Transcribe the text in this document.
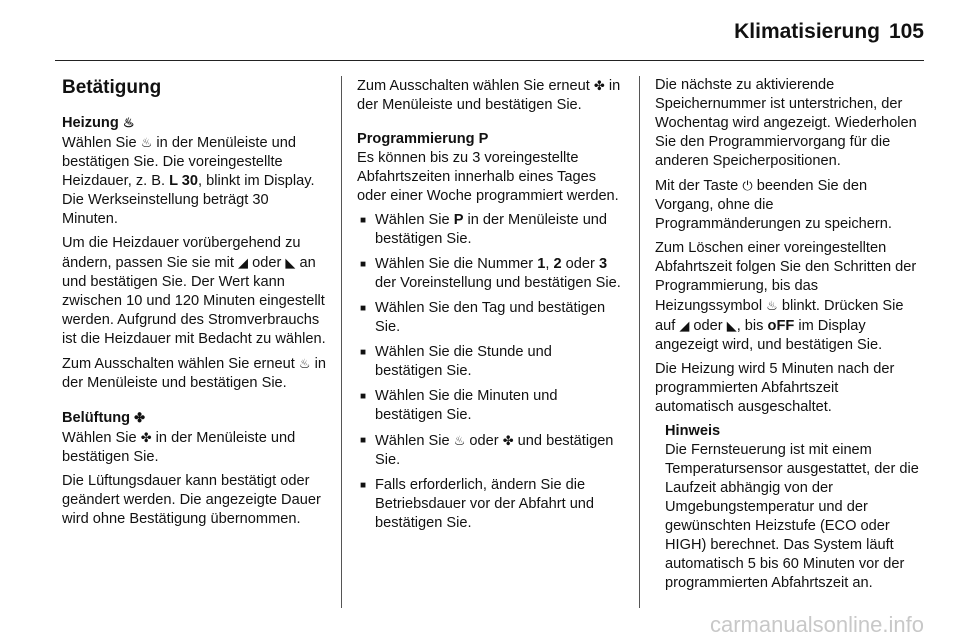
Klimatisierung 105
Betätigung
Heizung ♨

Wählen Sie ♨ in der Menüleiste und bestätigen Sie. Die voreingestellte Heizdauer, z. B. L 30, blinkt im Display. Die Werkseinstellung beträgt 30 Minuten.

Um die Heizdauer vorübergehend zu ändern, passen Sie sie mit ◢ oder ◣ an und bestätigen Sie. Der Wert kann zwischen 10 und 120 Minuten eingestellt werden. Aufgrund des Stromverbrauchs ist die Heizdauer mit Bedacht zu wählen.

Zum Ausschalten wählen Sie erneut ♨ in der Menüleiste und bestätigen Sie.

Belüftung ✤

Wählen Sie ✤ in der Menüleiste und bestätigen Sie.

Die Lüftungsdauer kann bestätigt oder geändert werden. Die angezeigte Dauer wird ohne Bestätigung übernommen.

Zum Ausschalten wählen Sie erneut ✤ in der Menüleiste und bestätigen Sie.

Programmierung P

Es können bis zu 3 voreingestellte Abfahrtszeiten innerhalb eines Tages oder einer Woche programmiert werden.

■ Wählen Sie P in der Menüleiste und bestätigen Sie.
■ Wählen Sie die Nummer 1, 2 oder 3 der Voreinstellung und bestätigen Sie.
■ Wählen Sie den Tag und bestätigen Sie.
■ Wählen Sie die Stunde und bestätigen Sie.
■ Wählen Sie die Minuten und bestätigen Sie.
■ Wählen Sie ♨ oder ✤ und bestätigen Sie.
■ Falls erforderlich, ändern Sie die Betriebsdauer vor der Abfahrt und bestätigen Sie.

Die nächste zu aktivierende Speichernummer ist unterstrichen, der Wochentag wird angezeigt. Wiederholen Sie den Programmiervorgang für die anderen Speicherpositionen.

Mit der Taste ⏻ beenden Sie den Vorgang, ohne die Programmänderungen zu speichern.

Zum Löschen einer voreingestellten Abfahrtszeit folgen Sie den Schritten der Programmierung, bis das Heizungssymbol ♨ blinkt. Drücken Sie auf ◢ oder ◣, bis oFF im Display angezeigt wird, und bestätigen Sie.

Die Heizung wird 5 Minuten nach der programmierten Abfahrtszeit automatisch ausgeschaltet.

Hinweis
Die Fernsteuerung ist mit einem Temperatursensor ausgestattet, der die Laufzeit abhängig von der Umgebungstemperatur und der gewünschten Heizstufe (ECO oder HIGH) berechnet. Das System läuft automatisch 5 bis 60 Minuten vor der programmierten Abfahrtszeit an.
carmanualsonline.info
